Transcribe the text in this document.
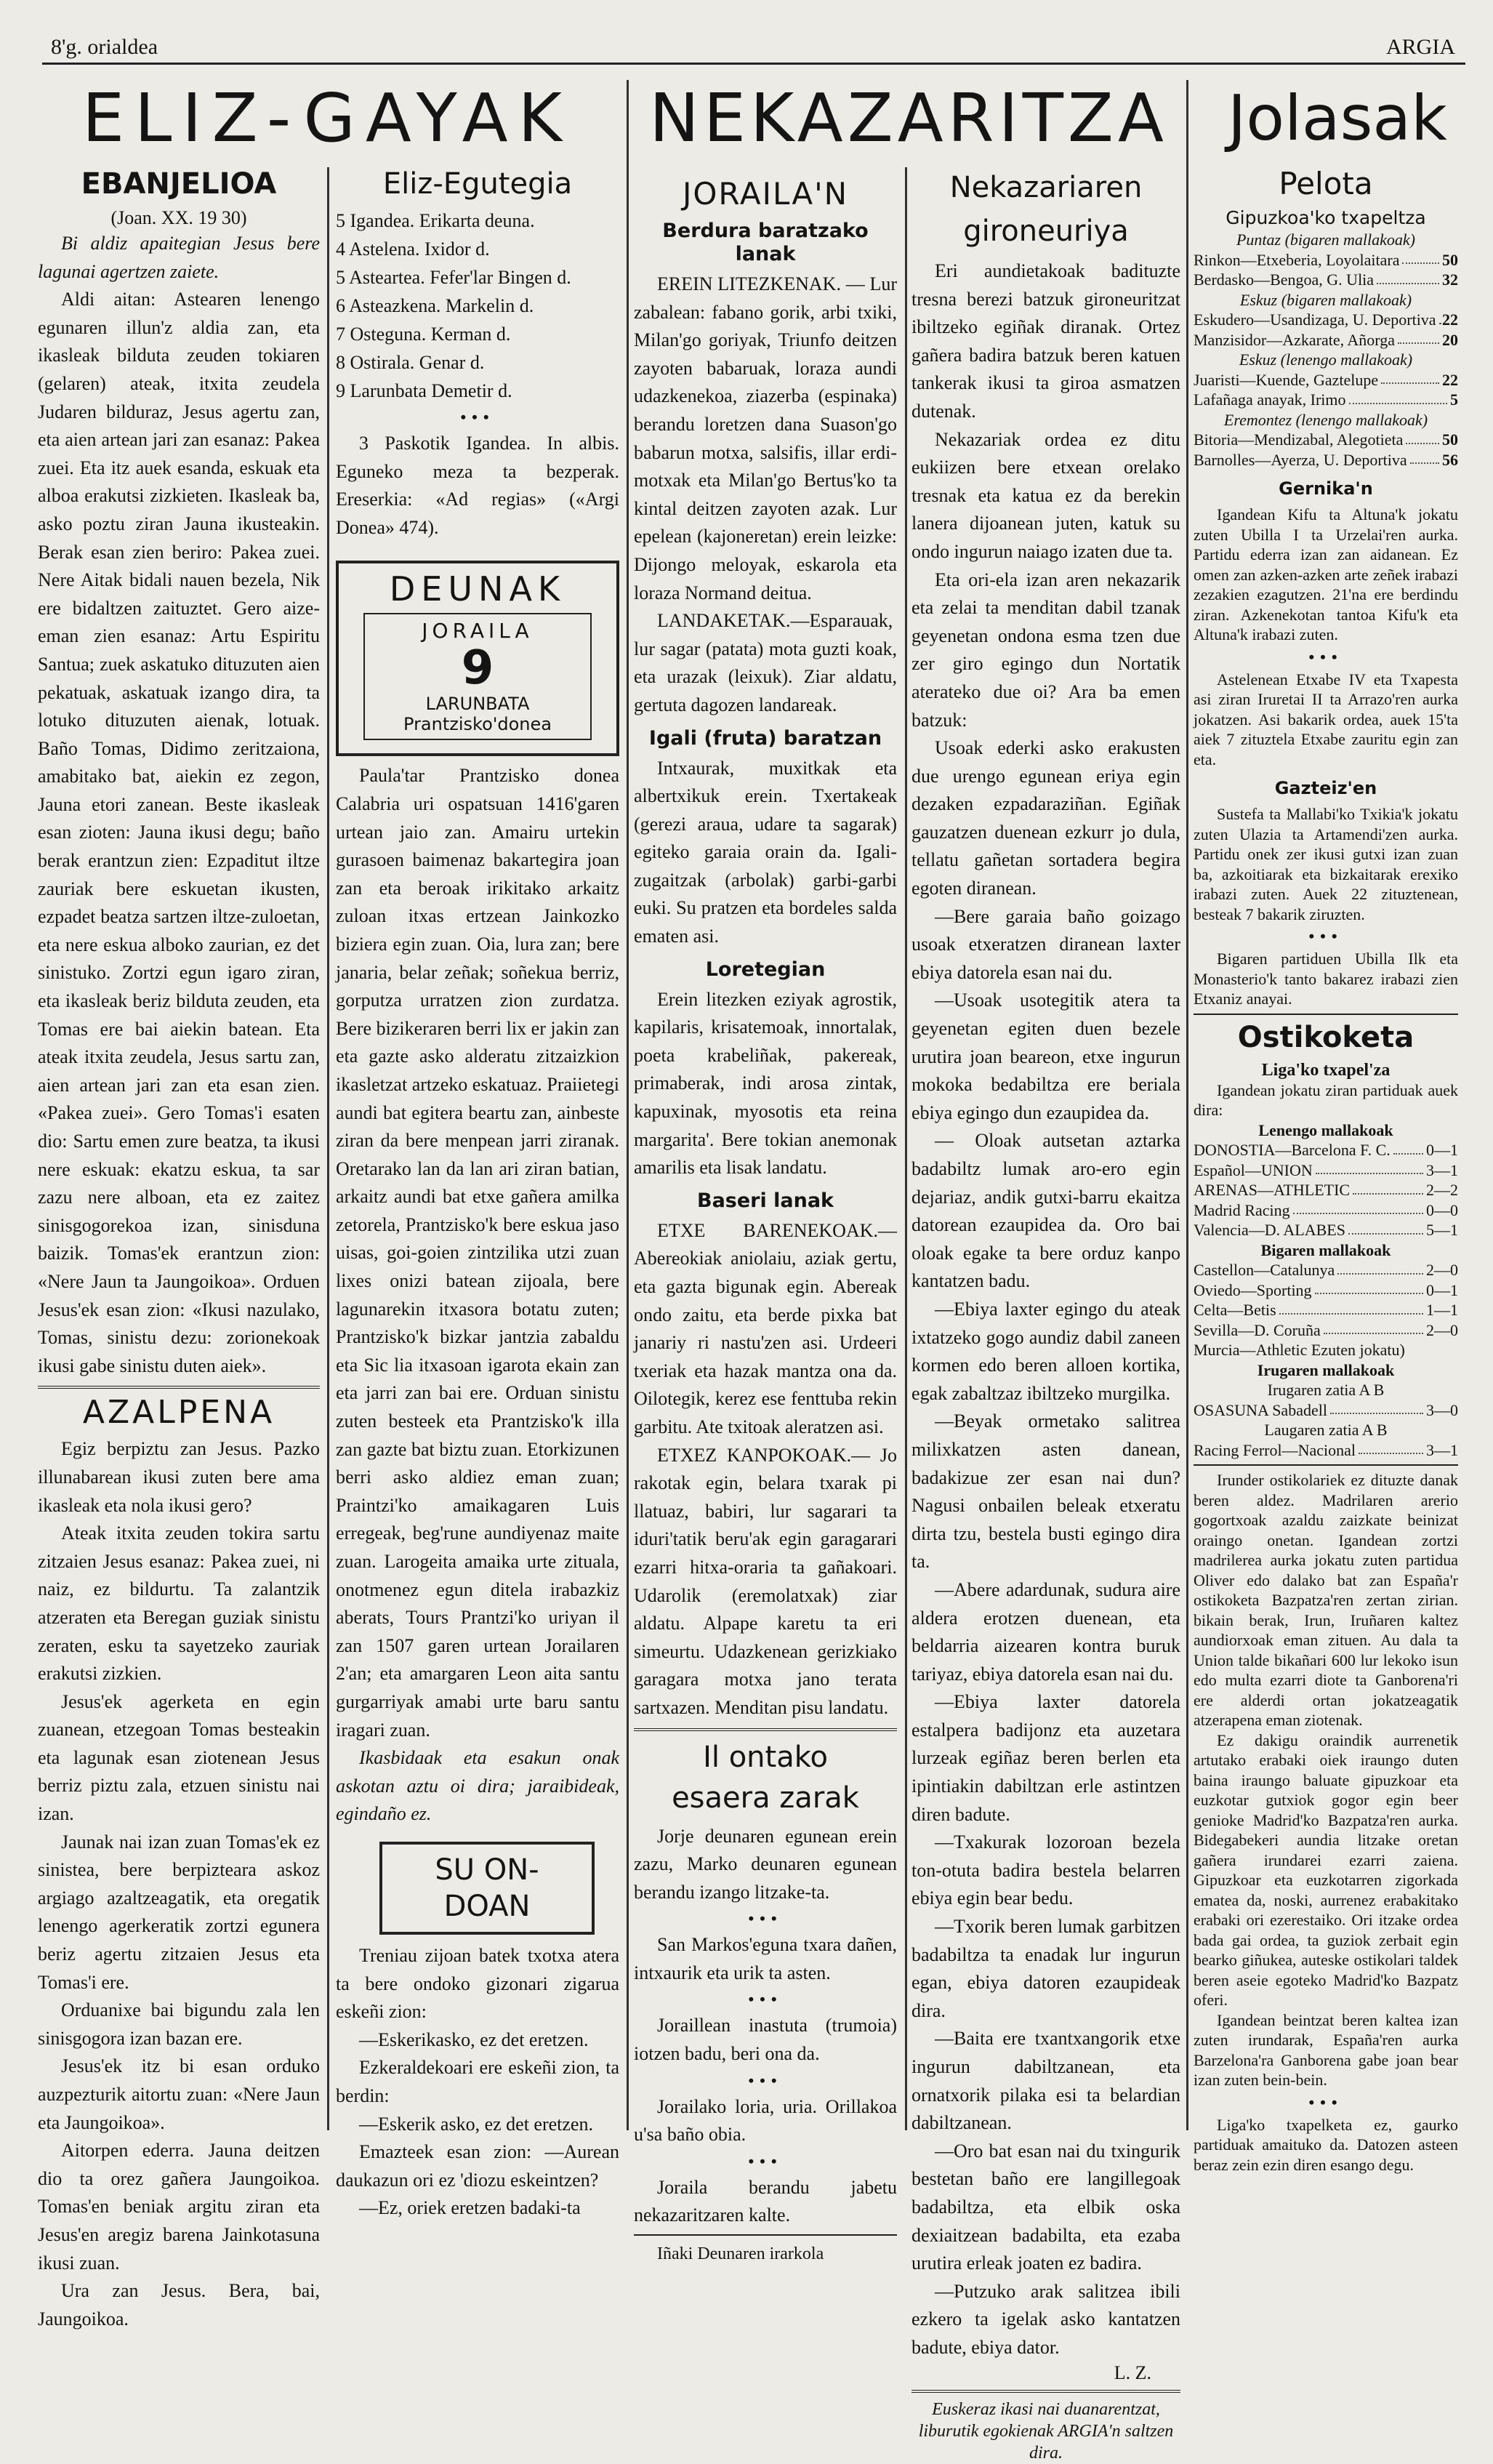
8'g. orialdea	ARGIA
ELIZ-GAYAK	NEKAZARITZA Jolasak
EBANJELIOA
(Joan. XX. 19 30)

Bi aldiz apaitegian Jesus bere lagunai agertzen zaiete.

Aldi aitan: Astearen lenengo egunaren illun'z aldia zan, eta ikasleak bilduta zeuden tokiaren (gelaren) ateak, itxita zeudela Judaren bilduraz, Jesus agertu zan, eta aien artean jari zan esanaz: Pakea zuei. Eta itz auek esanda, eskuak eta alboa erakutsi zizkieten. Ikasleak ba, asko poztu ziran Jauna ikusteakin. Berak esan zien beriro: Pakea zuei. Nere Aitak bidali nauen bezela, Nik ere bidaltzen zaituztet. Gero aize-eman zien esanaz: Artu Espiritu Santua; zuek askatuko dituzuten aien pekatuak, askatuak izango dira, ta lotuko dituzuten aienak, lotuak. Baño Tomas, Didimo zeritzaiona, amabitako bat, aiekin ez zegon, Jauna etori zanean. Beste ikasleak esan zioten: Jauna ikusi degu; baño berak erantzun zien: Ezpaditut iltze zauriak bere eskuetan ikusten, ezpadet beatza sartzen iltze-zuloetan, eta nere eskua alboko zaurian, ez det sinistuko. Zortzi egun igaro ziran, eta ikasleak beriz bilduta zeuden, eta Tomas ere bai aiekin batean. Eta ateak itxita zeudela, Jesus sartu zan, aien artean jari zan eta esan zien. «Pakea zuei». Gero Tomas'i esaten dio: Sartu emen zure beatza, ta ikusi nere eskuak: ekatzu eskua, ta sar zazu nere alboan, eta ez zaitez sinisgogorekoa izan, sinisduna baizik. Tomas'ek erantzun zion: «Nere Jaun ta Jaungoikoa». Orduen Jesus'ek esan zion: «Ikusi nazulako, Tomas, sinistu dezu: zorionekoak ikusi gabe sinistu duten aiek».

AZALPENA

Egiz berpiztu zan Jesus. Pazko illunabarean ikusi zuten bere ama ikasleak eta nola ikusi gero?

Ateak itxita zeuden tokira sartu zitzaien Jesus esanaz: Pakea zuei, ni naiz, ez bildurtu. Ta zalantzik atzeraten eta Beregan guziak sinistu zeraten, esku ta sayetzeko zauriak erakutsi zizkien.

Jesus'ek agerketa en egin zuanean, etzegoan Tomas besteakin eta lagunak esan ziotenean Jesus berriz piztu zala, etzuen sinistu nai izan.

Jaunak nai izan zuan Tomas'ek ez sinistea, bere berpizteara askoz argiago azaltzeagatik, eta oregatik lenengo agerkeratik zortzi egunera beriz agertu zitzaien Jesus eta Tomas'i ere.

Orduanixe bai bigundu zala len sinisgogora izan bazan ere.

Jesus'ek itz bi esan orduko auzpezturik aitortu zuan: «Nere Jaun eta Jaungoikoa».

Aitorpen ederra. Jauna deitzen dio ta orez gañera Jaungoikoa. Tomas'en beniak argitu ziran eta Jesus'en aregiz barena Jainkotasuna ikusi zuan.

Ura zan Jesus. Bera, bai, Jaungoikoa.

Eliz-Egutegia
5 Igandea. Erikarta deuna.
4 Astelena. Ixidor d.
5 Asteartea. Fefer'lar Bingen d.
6 Asteazkena. Markelin d.
7 Osteguna. Kerman d.
8 Ostirala. Genar d.
9 Larunbata Demetir d.
•••

3 Paskotik Igandea. In albis. Eguneko meza ta bezperak. Ereserkia: «Ad regias» («Argi Donea» 474).

DEUNAK
JORAILA
9
LARUNBATA
Prantzisko'donea

Paula'tar Prantzisko donea Calabria uri ospatsuan 1416'garen urtean jaio zan. Amairu urtekin gurasoen baimenaz bakartegira joan zan eta beroak irikitako arkaitz zuloan itxas ertzean Jainkozko biziera egin zuan. Oia, lura zan; bere janaria, belar zeñak; soñekua berriz, gorputza urratzen zion zurdatza. Bere bizikeraren berri lix er jakin zan eta gazte asko alderatu zitzaizkion ikasletzat artzeko eskatuaz. Praiietegi aundi bat egitera beartu zan, ainbeste ziran da bere menpean jarri ziranak. Oretarako lan da lan ari ziran batian, arkaitz aundi bat etxe gañera amilka zetorela, Prantzisko'k bere eskua jaso uisas, goi-goien zintzilika utzi zuan lixes onizi batean zijoala, bere lagunarekin itxasora botatu zuten; Prantzisko'k bizkar jantzia zabaldu eta Sic lia itxasoan igarota ekain zan eta jarri zan bai ere. Orduan sinistu zuten besteek eta Prantzisko'k illa zan gazte bat biztu zuan. Etorkizunen berri asko aldiez eman zuan; Praintzi'ko amaikagaren Luis erregeak, beg'rune aundiyenaz maite zuan. Larogeita amaika urte zituala, onotmenez egun ditela irabazkiz aberats, Tours Prantzi'ko uriyan il zan 1507 garen urtean Jorailaren 2'an; eta amargaren Leon aita santu gurgarriyak amabi urte baru santu iragari zuan.

Ikasbidaak eta esakun onak askotan aztu oi dira; jaraibideak, egindaño ez.

SU ON-
DOAN

Treniau zijoan batek txotxa atera ta bere ondoko gizonari zigarua eskeñi zion:

—Eskerikasko, ez det eretzen.

Ezkeraldekoari ere eskeñi zion, ta berdin:

—Eskerik asko, ez det eretzen.

Emazteek esan zion: —Aurean daukazun ori ez 'diozu eskeintzen?

—Ez, oriek eretzen badaki-ta

JORAILA'N
Berdura baratzako lanak

EREIN LITEZKENAK. — Lur zabalean: fabano gorik, arbi txiki, Milan'go goriyak, Triunfo deitzen zayoten babaruak, loraza aundi udazkenekoa, ziazerba (espinaka) berandu loretzen dana Suason'go babarun motxa, salsifis, illar erdi-motxak eta Milan'go Bertus'ko ta kintal deitzen zayoten azak. Lur epelean (kajoneretan) erein leizke: Dijongo meloyak, eskarola eta loraza Normand deitua.

LANDAKETAK.—Esparauak, lur sagar (patata) mota guzti koak, eta urazak (leixuk). Ziar aldatu, gertuta dagozen landareak.

Igali (fruta) baratzan

Intxaurak, muxitkak eta albertxikuk erein. Txertakeak (gerezi araua, udare ta sagarak) egiteko garaia orain da. Igali-zugaitzak (arbolak) garbi-garbi euki. Su pratzen eta bordeles salda ematen asi.

Loretegian

Erein litezken eziyak agrostik, kapilaris, krisatemoak, innortalak, poeta krabeliñak, pakereak, primaberak, indi arosa zintak, kapuxinak, myosotis eta reina margarita'. Bere tokian anemonak amarilis eta lisak landatu.

Baseri lanak

ETXE BARENEKOAK.—Abereokiak aniolaiu, aziak gertu, eta gazta bigunak egin. Abereak ondo zaitu, eta berde pixka bat janariy ri nastu'zen asi. Urdeeri txeriak eta hazak mantza ona da. Oilotegik, kerez ese fenttuba rekin garbitu. Ate txitoak aleratzen asi.

ETXEZ KANPOKOAK.— Jo rakotak egin, belara txarak pi llatuaz, babiri, lur sagarari ta iduri'tatik beru'ak egin garagarari ezarri hitxa-oraria ta gañakoari. Udarolik (eremolatxak) ziar aldatu. Alpape karetu ta eri simeurtu. Udazkenean gerizkiako garagara motxa jano terata sartxazen. Menditan pisu landatu.

Il ontako
esaera zarak

Jorje deunaren egunean erein zazu, Marko deunaren egunean berandu izango litzake-ta.

•••

San Markos'eguna txara dañen, intxaurik eta urik ta asten.

•••

Joraillean inastuta (trumoia) iotzen badu, beri ona da.

•••

Jorailako loria, uria. Orillakoa u'sa baño obia.

•••

Joraila berandu jabetu nekazaritzaren kalte.

Iñaki Deunaren irarkola

Nekazariaren
gironeuriya

Eri aundietakoak badituzte tresna berezi batzuk gironeuritzat ibiltzeko egiñak diranak. Ortez gañera badira batzuk beren katuen tankerak ikusi ta giroa asmatzen dutenak.

Nekazariak ordea ez ditu eukiizen bere etxean orelako tresnak eta katua ez da berekin lanera dijoanean juten, katuk su ondo ingurun naiago izaten due ta.

Eta ori-ela izan aren nekazarik eta zelai ta menditan dabil tzanak geyenetan ondona esma tzen due zer giro egingo dun Nortatik aterateko due oi? Ara ba emen batzuk:

Usoak ederki asko erakusten due urengo egunean eriya egin dezaken ezpadaraziñan. Egiñak gauzatzen duenean ezkurr jo dula, tellatu gañetan sortadera begira egoten diranean.

—Bere garaia baño goizago usoak etxeratzen diranean laxter ebiya datorela esan nai du.

—Usoak usotegitik atera ta geyenetan egiten duen bezele urutira joan beareon, etxe ingurun mokoka bedabiltza ere beriala ebiya egingo dun ezaupidea da.

— Oloak autsetan aztarka badabiltz lumak aro-ero egin dejariaz, andik gutxi-barru ekaitza datorean ezaupidea da. Oro bai oloak egake ta bere orduz kanpo kantatzen badu.

—Ebiya laxter egingo du ateak ixtatzeko gogo aundiz dabil zaneen kormen edo beren alloen kortika, egak zabaltzaz ibiltzeko murgilka.

—Beyak ormetako salitrea milixkatzen asten danean, badakizue zer esan nai dun? Nagusi onbailen beleak etxeratu dirta tzu, bestela busti egingo dira ta.

—Abere adardunak, sudura aire aldera erotzen duenean, eta beldarria aizearen kontra buruk tariyaz, ebiya datorela esan nai du.

—Ebiya laxter datorela estalpera badijonz eta auzetara lurzeak egiñaz beren berlen eta ipintiakin dabiltzan erle astintzen diren badute.

—Txakurak lozoroan bezela ton-otuta badira bestela belarren ebiya egin bear bedu.

—Txorik beren lumak garbitzen badabiltza ta enadak lur ingurun egan, ebiya datoren ezaupideak dira.

—Baita ere txantxangorik etxe ingurun dabiltzanean, eta ornatxorik pilaka esi ta belardian dabiltzanean.

—Oro bat esan nai du txingurik bestetan baño ere langillegoak badabiltza, eta elbik oska dexiaitzean badabilta, eta ezaba urutira erleak joaten ez badira.

—Putzuko arak salitzea ibili ezkero ta igelak asko kantatzen badute, ebiya dator.

L. Z.

Euskeraz ikasi nai duanarentzat, liburutik egokienak ARGIA'n saltzen dira.

Pelota
Gipuzkoa'ko txapeltza
Puntaz (bigaren mallakoak)
Rinkon—Etxeberia, Loyolaitara	50
Berdasko—Bengoa, G. Ulia	32
Eskuz (bigaren mallakoak)
Eskudero—Usandizaga, U. Deportiva 22
Manzisidor—Azkarate, Añorga	20
Eskuz (lenengo mallakoak)
Juaristi—Kuende, Gaztelupe	22
Lafañaga anayak, Irimo	5
Eremontez (lenengo mallakoak)
Bitoria—Mendizabal, Alegotieta 50
Barnolles—Ayerza, U. Deportiva 56
Gernika'n

Igandean Kifu ta Altuna'k jokatu zuten Ubilla I ta Urzelai'ren aurka. Partidu ederra izan zan aidanean. Ez omen zan azken-azken arte zeñek irabazi zezakien ezagutzen. 21'na ere berdindu ziran. Azkenekotan tantoa Kifu'k eta Altuna'k irabazi zuten.

•••

Astelenean Etxabe IV eta Txapesta asi ziran Iruretai II ta Arrazo'ren aurka jokatzen. Asi bakarik ordea, auek 15'ta aiek 7 zituztela Etxabe zauritu egin zan eta.

Gazteiz'en

Sustefa ta Mallabi'ko Txikia'k jokatu zuten Ulazia ta Artamendi'zen aurka. Partidu onek zer ikusi gutxi izan zuan ba, azkoitiarak eta bizkaitarak erexiko irabazi zuten. Auek 22 zituztenean, besteak 7 bakarik ziruzten.

•••

Bigaren partiduen Ubilla Ilk eta Monasterio'k tanto bakarez irabazi zien Etxaniz anayai.

Ostikoketa
Liga'ko txapel'za

Igandean jokatu ziran partiduak auek dira:

Lenengo mallakoak
DONOSTIA—Barcelona F. C. 0—1
Español—UNION	3—1
ARENAS—ATHLETIC	2—2
Madrid Racing	0—0
Valencia—D. ALABES	5—1
Bigaren mallakoak
Castellon—Catalunya	2—0
Oviedo—Sporting	0—1
Celta—Betis	1—1
Sevilla—D. Coruña	2—0
Murcia—Athletic Ezuten jokatu)
Irugaren mallakoak
Irugaren zatia A B
OSASUNA Sabadell	3—0
Laugaren zatia A B
Racing Ferrol—Nacional	3—1

Irunder ostikolariek ez dituzte danak beren aldez. Madrilaren arerio gogortxoak azaldu zaizkate beinizat oraingo onetan. Igandean zortzi madrilerea aurka jokatu zuten partidua Oliver edo dalako bat zan España'r ostikoketa Bazpatza'ren zertan zirian. bikain berak, Irun, Iruñaren kaltez aundiorxoak eman zituen. Au dala ta Union talde bikañari 600 lur lekoko isun edo multa ezarri diote ta Ganborena'ri ere alderdi ortan jokatzeagatik atzerapena eman ziotenak.

Ez dakigu oraindik aurrenetik artutako erabaki oiek iraungo duten baina iraungo baluate gipuzkoar eta euzkotar gutxiok gogor egin beer genioke Madrid'ko Bazpatza'ren aurka. Bidegabekeri aundia litzake oretan gañera irundarei ezarri zaiena. Gipuzkoar eta euzkotarren zigorkada ematea da, noski, aurrenez erabakitako erabaki ori ezerestaiko. Ori itzake ordea bada gai ordea, ta guziok zerbait egin bearko giñukea, auteske ostikolari taldek beren aseie egoteko Madrid'ko Bazpatz oferi.

Igandean beintzat beren kaltea izan zuten irundarak, España'ren aurka Barzelona'ra Ganborena gabe joan bear izan zuten bein-bein.

•••

Liga'ko txapelketa ez, gaurko partiduak amaituko da. Datozen asteen beraz zein ezin diren esango degu.
